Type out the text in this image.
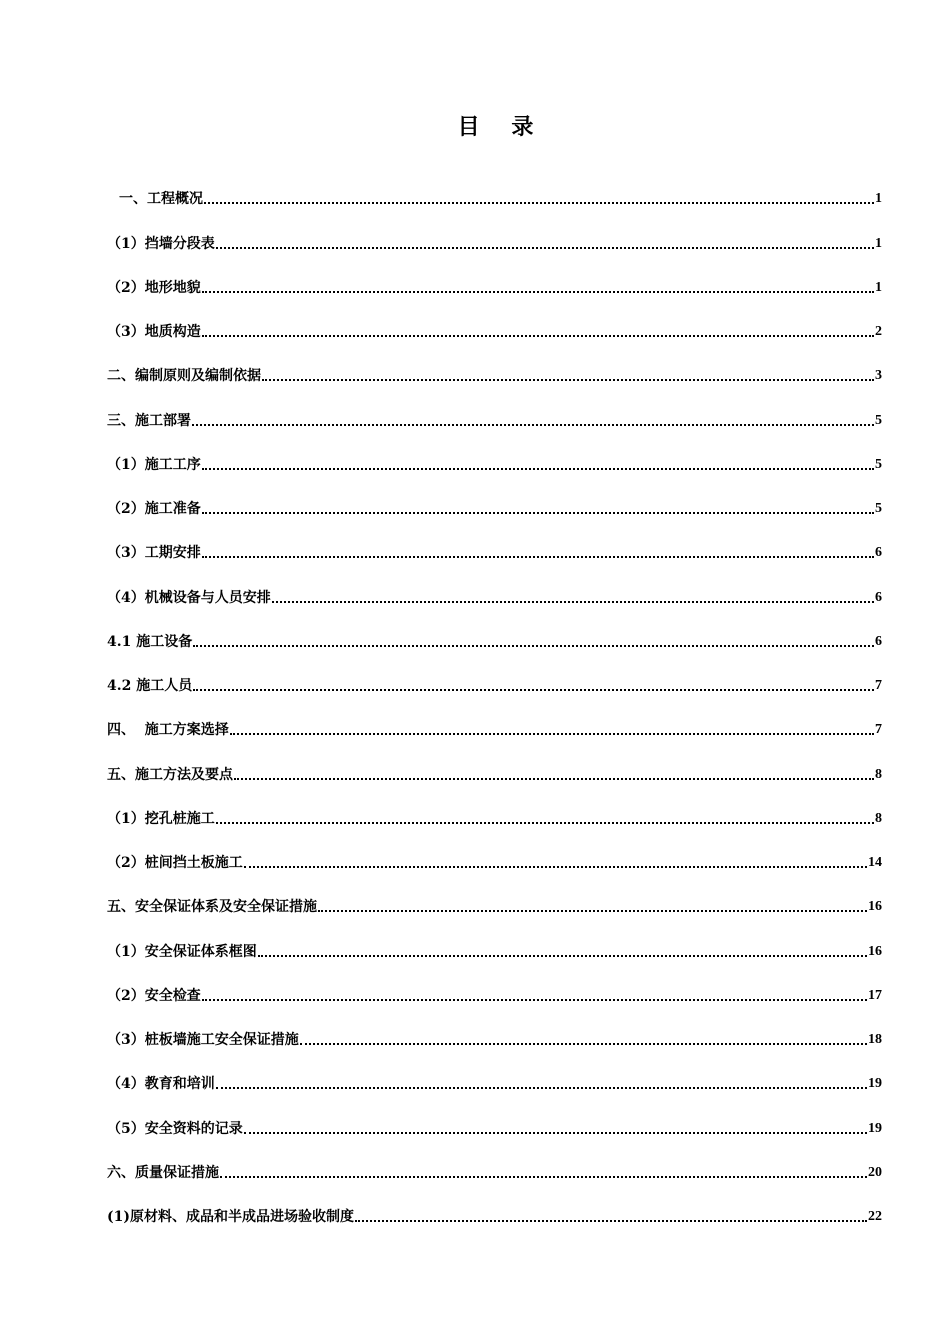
目 录
一、工程概况	1
（1）挡墙分段表	1
（2）地形地貌	1
（3）地质构造	2
二、编制原则及编制依据	3
三、施工部署	5
（1）施工工序	5
（2）施工准备	5
（3）工期安排	6
（4）机械设备与人员安排	6
4.1 施工设备	6
4.2 施工人员	7
四、  施工方案选择	7
五、施工方法及要点	8
（1）挖孔桩施工	8
（2）桩间挡土板施工	14
五、安全保证体系及安全保证措施	16
（1）安全保证体系框图	16
（2）安全检查	17
（3）桩板墙施工安全保证措施	18
（4）教育和培训	19
（5）安全资料的记录	19
六、质量保证措施	20
(1)原材料、成品和半成品进场验收制度	22
